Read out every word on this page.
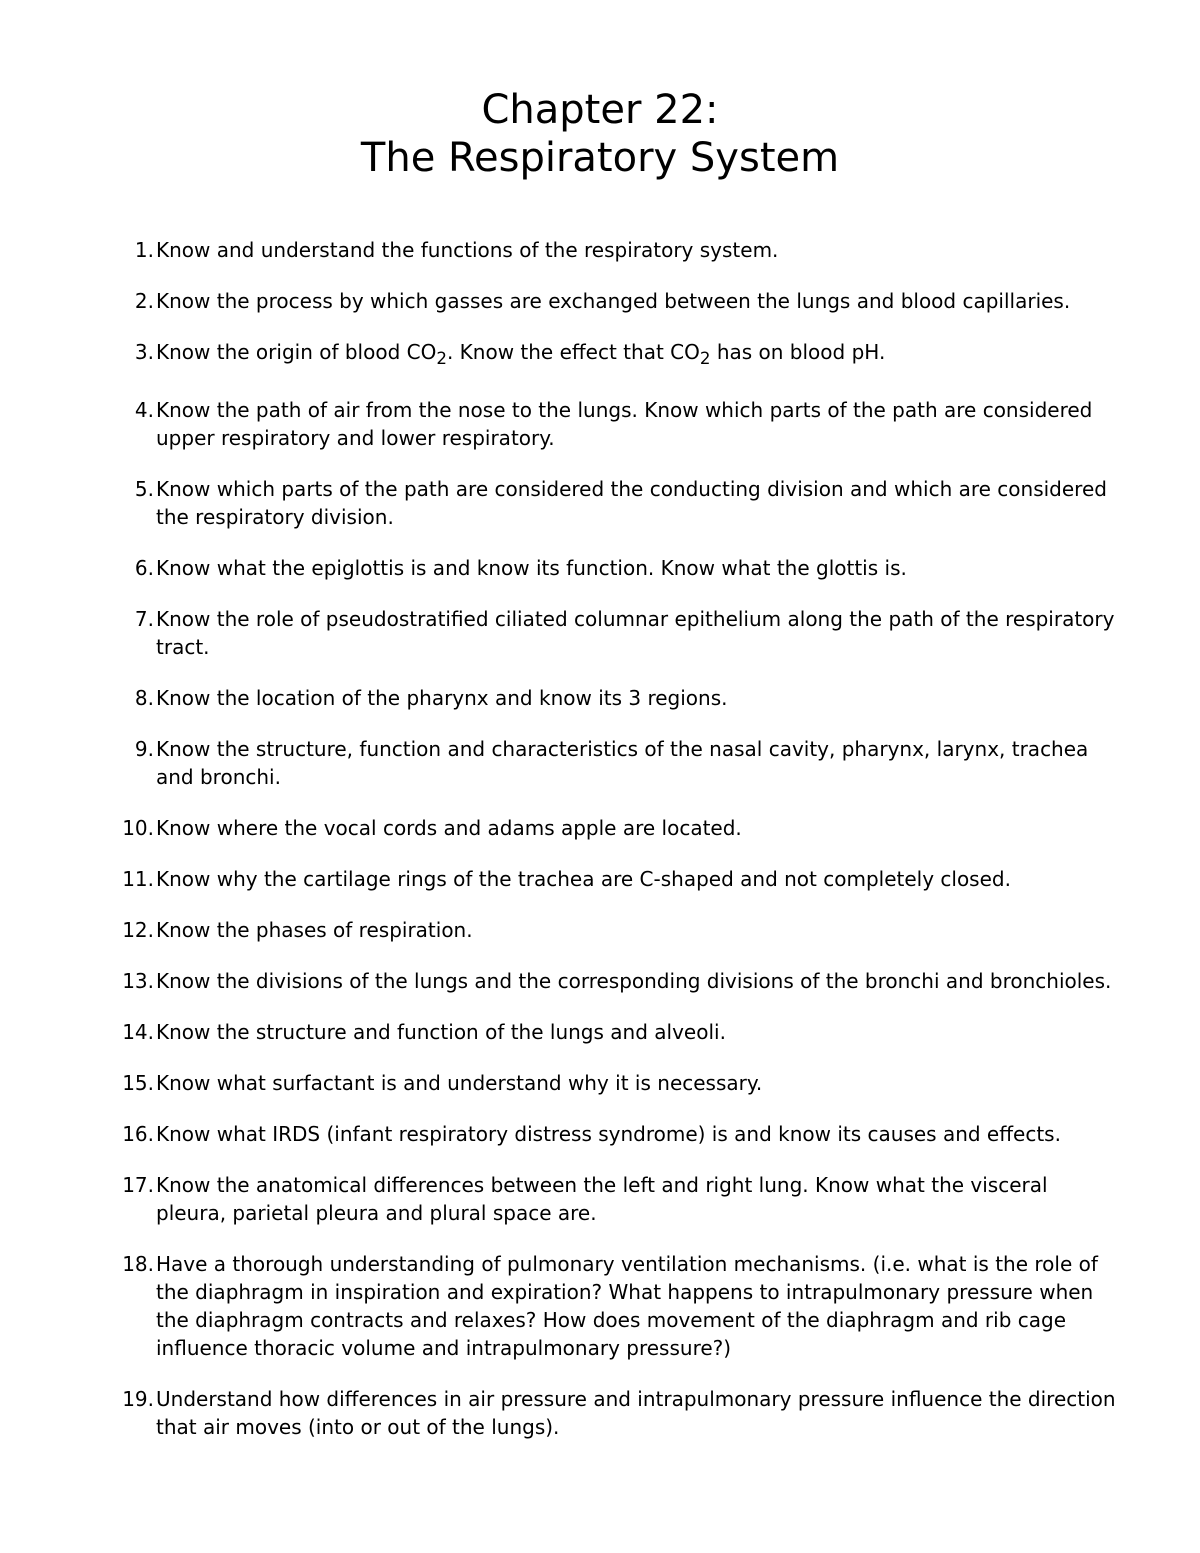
Chapter 22:

The Respiratory System

1. Know and understand the functions of the respiratory system.
2. Know the process by which gasses are exchanged between the lungs and blood capillaries.
3. Know the origin of blood $CO_2$. Know the effect that $CO_2$ has on blood pH.
4. Know the path of air from the nose to the lungs. Know which parts of the path are considered upper respiratory and lower respiratory.
5. Know which parts of the path are considered the conducting division and which are considered the respiratory division.
6. Know what the epiglottis is and know its function. Know what the glottis is.
7. Know the role of pseudostratified ciliated columnar epithelium along the path of the respiratory tract.
8. Know the location of the pharynx and know its 3 regions.
9. Know the structure, function and characteristics of the nasal cavity, pharynx, larynx, trachea and bronchi.
10. Know where the vocal cords and adams apple are located.
11. Know why the cartilage rings of the trachea are C-shaped and not completely closed.
12. Know the phases of respiration.
13. Know the divisions of the lungs and the corresponding divisions of the bronchi and bronchioles.
14. Know the structure and function of the lungs and alveoli.
15. Know what surfactant is and understand why it is necessary.
16. Know what IRDS (infant respiratory distress syndrome) is and know its causes and effects.
17. Know the anatomical differences between the left and right lung. Know what the visceral pleura, parietal pleura and plural space are.
18. Have a thorough understanding of pulmonary ventilation mechanisms. (i.e. what is the role of the diaphragm in inspiration and expiration? What happens to intrapulmonary pressure when the diaphragm contracts and relaxes? How does movement of the diaphragm and rib cage influence thoracic volume and intrapulmonary pressure?)
19. Understand how differences in air pressure and intrapulmonary pressure influence the direction that air moves (into or out of the lungs).
